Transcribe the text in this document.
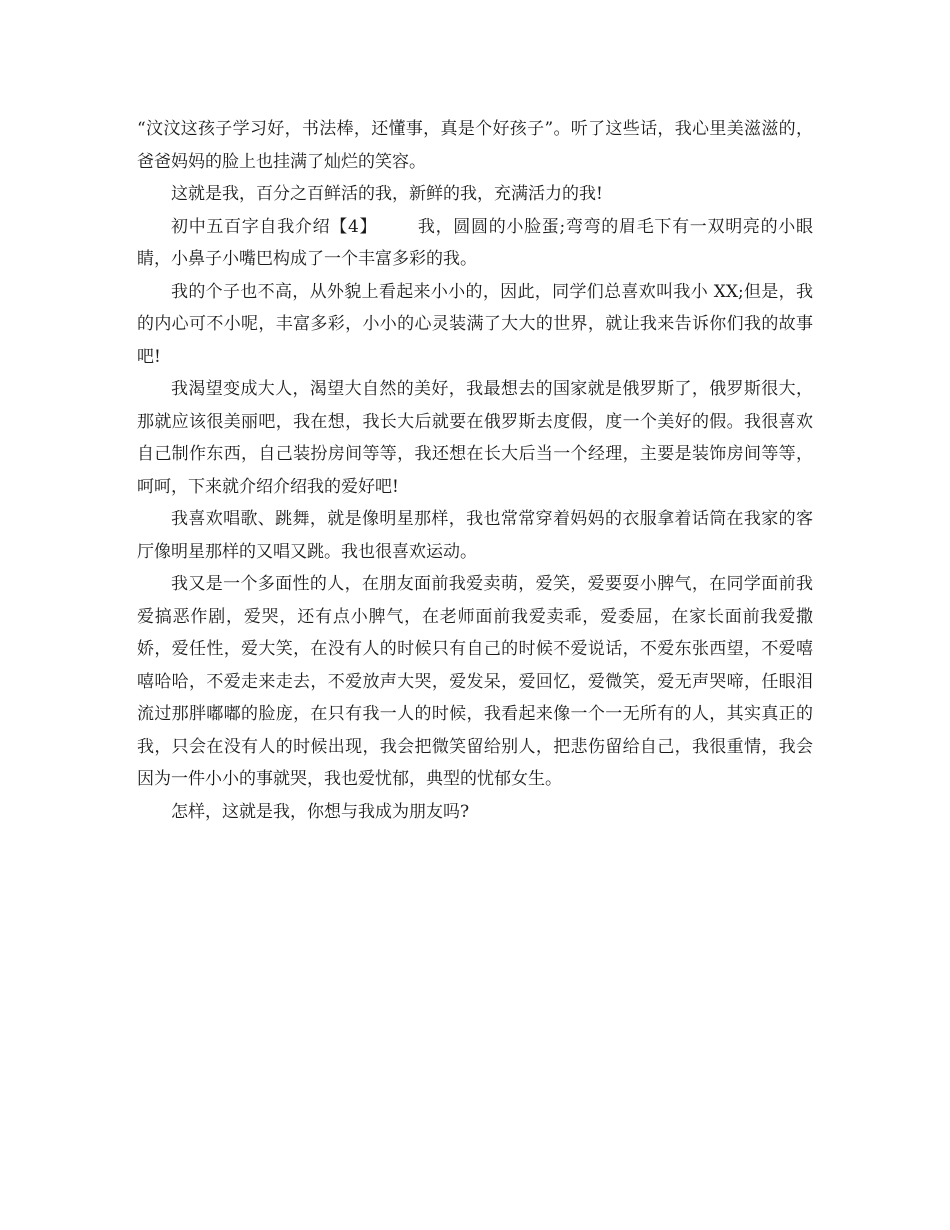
“汶汶这孩子学习好，书法棒，还懂事，真是个好孩子”。听了这些话，我心里美滋滋的，爸爸妈妈的脸上也挂满了灿烂的笑容。

这就是我，百分之百鲜活的我，新鲜的我，充满活力的我!

初中五百字自我介绍【4】 我，圆圆的小脸蛋;弯弯的眉毛下有一双明亮的小眼睛，小鼻子小嘴巴构成了一个丰富多彩的我。

我的个子也不高，从外貌上看起来小小的，因此，同学们总喜欢叫我小 XX;但是，我的内心可不小呢，丰富多彩，小小的心灵装满了大大的世界，就让我来告诉你们我的故事吧!

我渴望变成大人，渴望大自然的美好，我最想去的国家就是俄罗斯了，俄罗斯很大，那就应该很美丽吧，我在想，我长大后就要在俄罗斯去度假，度一个美好的假。我很喜欢自己制作东西，自己装扮房间等等，我还想在长大后当一个经理，主要是装饰房间等等，呵呵，下来就介绍介绍我的爱好吧!

我喜欢唱歌、跳舞，就是像明星那样，我也常常穿着妈妈的衣服拿着话筒在我家的客厅像明星那样的又唱又跳。我也很喜欢运动。

我又是一个多面性的人，在朋友面前我爱卖萌，爱笑，爱要耍小脾气，在同学面前我爱搞恶作剧，爱哭，还有点小脾气，在老师面前我爱卖乖，爱委屈，在家长面前我爱撒娇，爱任性，爱大笑，在没有人的时候只有自己的时候不爱说话，不爱东张西望，不爱嘻嘻哈哈，不爱走来走去，不爱放声大哭，爱发呆，爱回忆，爱微笑，爱无声哭啼，任眼泪流过那胖嘟嘟的脸庞，在只有我一人的时候，我看起来像一个一无所有的人，其实真正的我，只会在没有人的时候出现，我会把微笑留给别人，把悲伤留给自己，我很重情，我会因为一件小小的事就哭，我也爱忧郁，典型的忧郁女生。

怎样，这就是我，你想与我成为朋友吗?
